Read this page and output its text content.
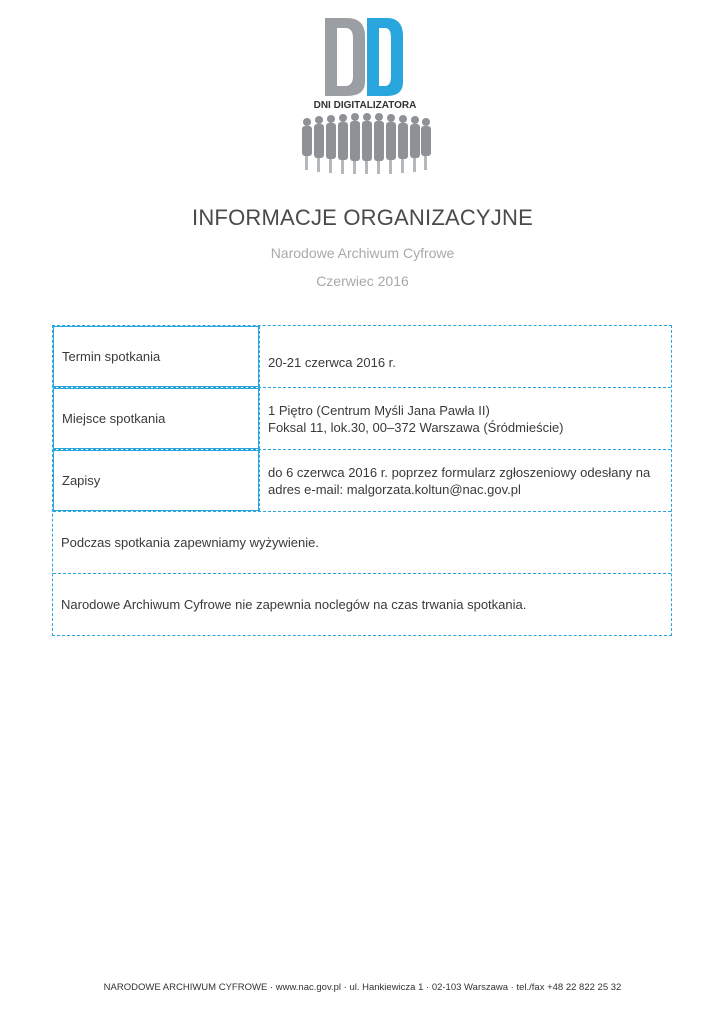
DNI DIGITALIZATORA
INFORMACJE ORGANIZACYJNE
Narodowe Archiwum Cyfrowe
Czerwiec 2016
Termin spotkania	20-21 czerwca 2016 r.
Miejsce spotkania
1 Piętro (Centrum Myśli Jana Pawła II)
Foksal 11, lok.30, 00–372 Warszawa (Śródmieście)
Zapisy
do 6 czerwca 2016 r. poprzez formularz zgłoszeniowy odesłany na
adres e-mail: malgorzata.koltun@nac.gov.pl
Podczas spotkania zapewniamy wyżywienie.
Narodowe Archiwum Cyfrowe nie zapewnia noclegów na czas trwania spotkania.
NARODOWE ARCHIWUM CYFROWE · www.nac.gov.pl · ul. Hankiewicza 1 · 02-103 Warszawa · tel./fax +48 22 822 25 32
